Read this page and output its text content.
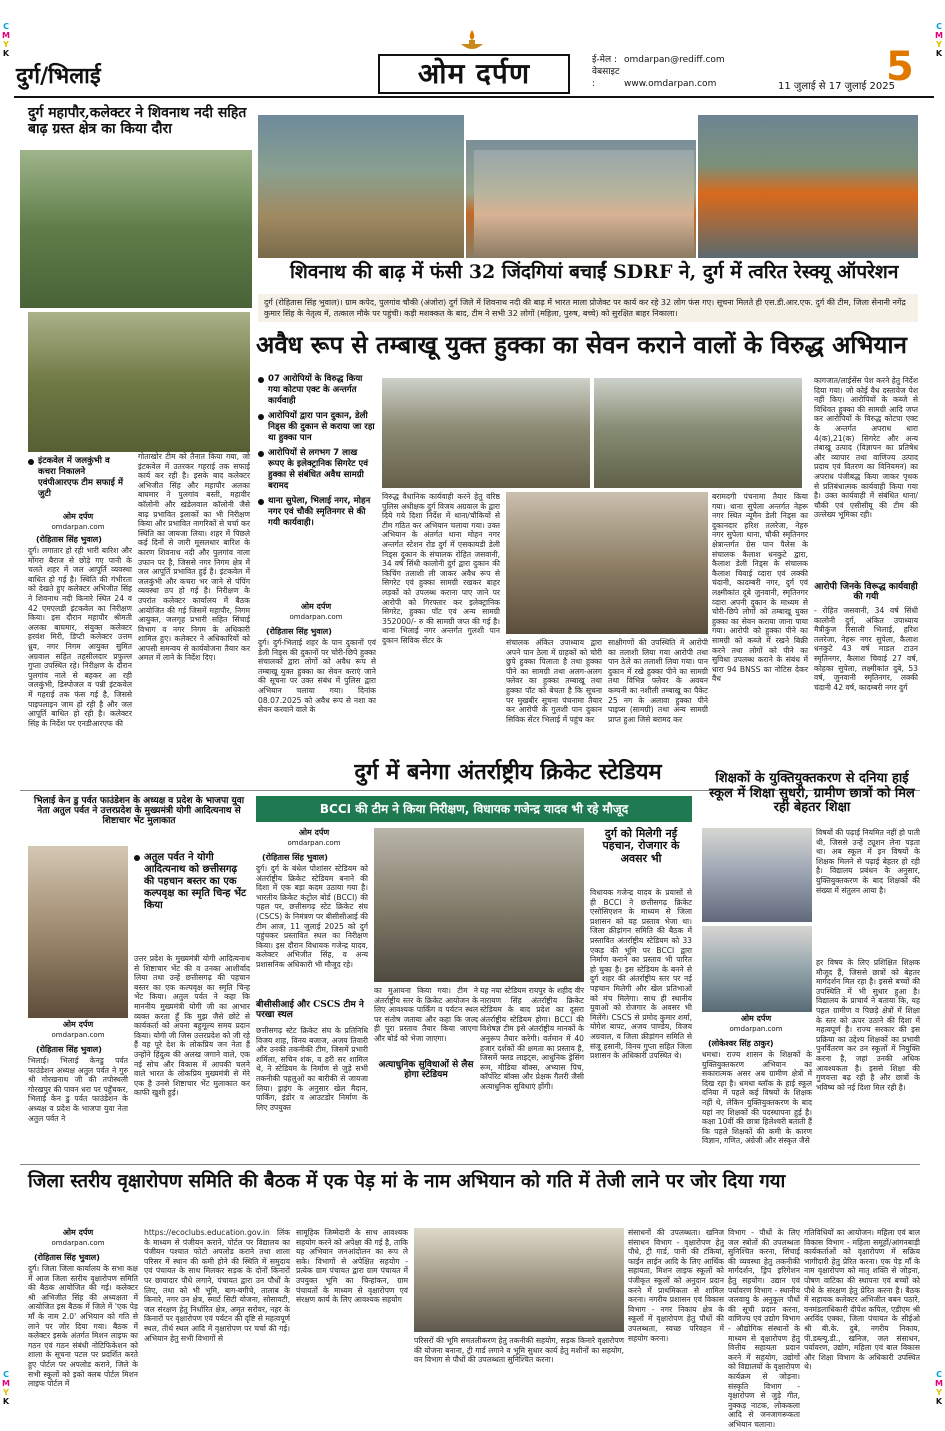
C
M
Y
K
C
M
Y
K
C
M
Y
K
C
M
Y
K
दुर्ग/भिलाई	ओम दर्पण	ई-मेल : omdarpan@rediff.com
वेबसाइट :	www.omdarpan.com	11 जुलाई से 17 जुलाई 2025
5
शिवनाथ की बाढ़ में फंसी 32 जिंदगियां बचाईं SDRF ने, दुर्ग में त्वरित रेस्क्यू ऑपरेशन
दुर्ग (रोहितास सिंह भुवाल)। ग्राम कपेद, पुलगांव चौकी (अंजोरा) दुर्ग जिले में शिवनाथ नदी की बाढ़ में भारत माला प्रोजेक्ट पर कार्य कर रहे 32 लोग फंस गए। सूचना मिलते ही एस.डी.आर.एफ. दुर्ग की टीम, जिला सेनानी नगेंद्र कुमार सिंह के नेतृत्व में, तत्काल मौके पर पहुंची। कड़ी मशक्कत के बाद, टीम ने सभी 32 लोगों (महिला, पुरुष, बच्चे) को सुरक्षित बाहर निकाला।
दुर्ग महापौर,कलेक्टर ने शिवनाथ नदी सहित बाढ़ ग्रस्त क्षेत्र का किया दौरा
इंटकवेल में जलकुंभी व कचरा निकालने एवंपीआरएफ टीम सफाई में जुटी
ओम दर्पण
omdarpan.com
(रोहितास सिंह भुवाल)
दुर्ग। लगातार हो रही भारी बारिश और मोंगरा बैराज से छोड़े गए पानी के चलते शहर में जल आपूर्ति व्यवस्था बाधित हो गई है। स्थिति की गंभीरता को देखते हुए कलेक्टर अभिजीत सिंह ने शिवनाथ नदी किनारे स्थित 24 व 42 एमएलडी इंटकवेल का निरीक्षण किया। इस दौरान महापौर श्रीमती अलका बाघमार, संयुक्त कलेक्टर हरवंश मिरी, डिप्टी कलेक्टर उत्तम ध्रुव, नगर निगम आयुक्त सुमित अग्रवाल सहित तहसीलदार प्रफुल्ल गुप्ता उपस्थित रहे। निरीक्षण के दौरान पुलगांव नाले से बहकर आ रही जलकुंभी, डिस्पोजल व पन्नी इंटकवेल में गहराई तक फंस गई है, जिससे पाइपलाइन जाम हो रही है और जल आपूर्ति बाधित हो रही है। कलेक्टर सिंह के निर्देश पर एनडीआरएफ की
गोताखोर टीम को तैनात किया गया, जो इंटकवेल में उतरकर गहराई तक सफाई कार्य कर रही है। इसके बाद कलेक्टर अभिजीत सिंह और महापौर अलका बाघमार ने पुलगांव बस्ती, महावीर कॉलोनी और खंडेलवाल कॉलोनी जैसे बाढ़ प्रभावित इलाकों का भी निरीक्षण किया और प्रभावित नागरिकों से चर्चा कर स्थिति का जायजा लिया। शहर में पिछले कई दिनों से जारी मूसलधार बारिश के कारण शिवनाथ नदी और पुलगांव नाला उफान पर है, जिससे नगर निगम क्षेत्र में जल आपूर्ति प्रभावित हुई है। इंटकवेल में जलकुंभी और कचरा भर जाने से पंपिंग व्यवस्था ठप हो गई है। निरीक्षण के उपरांत कलेक्टर कार्यालय में बैठक आयोजित की गई जिसमें महापौर, निगम आयुक्त, जलगृह प्रभारी सहित सिंचाई विभाग व नगर निगम के अधिकारी शामिल हुए। कलेक्टर ने अधिकारियों को आपसी समन्वय से कार्ययोजना तैयार कर अमल में लाने के निर्देश दिए।
अवैध रूप से तम्बाखू युक्त हुक्का का सेवन कराने वालों के विरुद्ध अभियान
07 आरोपियों के विरुद्ध किया गया कोटपा एक्ट के अन्तर्गत कार्यवाही
आरोपियों द्वारा पान दुकान, डेली निड्स की दुकान से कराया जा रहा था हुक्का पान
आरोपियों से लगभग 7 लाख रूपए के इलेक्ट्रानिक सिगरेट एवं हुक्का से संबंधित अवैध सामग्री बरामद
थाना सुपेला, भिलाई नगर, मोहन नगर एवं चौकी स्मृतिनगर से की गयी कार्यवाही।
ओम दर्पण
omdarpan.com
(रोहितास सिंह भुवाल)
दुर्ग। दुर्ग-भिलाई शहर के पान दुकानों एवं डेली निड्स की दुकानों पर चोरी-छिपे हुक्का संचालकों द्वारा लोगों को अवैध रूप से तम्बाखू युक्त हुक्का का सेवन कराएं जाने की सूचना पर उक्त संबंध में पुलिस द्वारा अभियान चलाया गया। दिनांक 08.07.2025 को अवैध रूप से नशा का सेवन करवाने वाले के
विरुद्ध वैधानिक कार्यवाही करने हेतु वरिष्ठ पुलिस अधीक्षक दुर्ग विजय अग्रवाल के द्वारा दिये गये दिशा निर्देश में थाना/चौकियों से टीम गठित कर अभियान चलाया गया। उक्त अभियान के अंतर्गत थाना मोहन नगर अन्तर्गत स्टेशन रोड दुर्ग में एसकायडी डेली निड्स दुकान के संचालक रोहित जसवानी, 34 वर्ष सिंधी कालोनी दुर्ग द्वारा दुकान की किचिंग तलाशी ली जाकर अवैध रूप से सिगरेट एवं हुक्का सामग्री रखकर बाहर लड़कों को उपलब्ध कराना पाए जाने पर आरोपी को गिरफ्तार कर इलेक्ट्रानिक सिगरेट, हुक्का पॉट एवं अन्य सामग्री 352000/- रु की सामग्री जप्त की गई है। थाना भिलाई नगर अन्तर्गत गुलशी पान दुकान सिविक सेंटर के	संचालक अंकित उपाध्याय द्वारा अपने पान ठेला में ग्राहकों को चोरी छुपे हुक्का पिलाता है तथा हुक्का पीने का सामग्री तथा अलग-अलग फ्लेवर का हुक्का तम्बाखू तथा हुक्का पॉट को बेचता है कि सूचना पर मुखबीर सूचना पंचनामा तैयार कर आरोपी के गुलशी पान दुकान सिविक सेंटर भिलाई में पहुंच कर
साक्षीगणों की उपस्थिति में आरोपी का तलाशी लिया गया आरोपी तथा पान ठेले का तलाशी लिया गया। पान दुकान में रखे हुक्का पीने का सामग्री तथा विभिन्न फ्लेवर के अवयन कम्पनी का नशीली तम्बाखू का पैकेट 25 नग के अलावा हुक्का पीने पाइप्स (सामग्री) तथा अन्य सामग्री प्राप्त हुआ जिसे बरामद कर
बरामदगी पंचनामा तैयार किया गया। थाना सुपेला अन्तर्गत नेहरू नगर स्थित न्यूमैन डेली निड्स का दुकानदार हरिश तलरेजा, नेहरु नगर सुपेला थाना, चौकी स्मृतिनगर क्षेत्रान्तर्गत ग्रेस पान पैलेस के संचालक कैलाश धनकुटे द्वारा, कैलाश डेली निड्स के संचालक कैलाश चिवाई व्दारा एवं लक्की चंदानी, कादम्बरी नगर, दुर्ग एवं लक्ष्मीकांत दूबे जुनवानी, स्मृतिनगर व्दारा अपनी दुकान के माध्यम से चोरी-छिपे लोगों को तम्बाखू युक्त हुक्का का सेवन कराया जाना पाया गया। आरोपी को हुक्का पीने का सामग्री को कब्जे में रखने बिक्री करने तथा लोगों को पीने का सुविधा उपलब्ध कराने के संबंध में धारा 94 BNSS का नोटिस देकर वैध
कागजात/लाईसेंस पेश करने हेतु निर्देश दिया गया। जो कोई वैध दस्तावेज पेश नहीं किए। आरोपियों के कब्जे से विधिवत हुक्का की सामग्री आदि जप्त कर आरोपियों के विरुद्ध कोटपा एक्ट के अन्तर्गत अपराध धारा 4(क),21(क) सिगरेट और अन्य तंबाखू उत्पाद (विज्ञापन का प्रतिषेध और व्यापार तथा वाणिज्य उत्पाद प्रदाय एवं वितरण का विनियमन) का अपराध पंजीबद्ध किया जाकर पृथक से प्रतिबंधात्मक कार्यवाही किया गया है। उक्त कार्यवाही में संबंधित थाना/चौकी एवं एसीसीयू की टीम की उल्लेख्य भूमिका रही।
आरोपी जिनके विरूद्ध कार्यवाही की गयी
- रोहित जसवानी, 34 वर्ष सिंधी कालोनी दुर्ग, अंकित उपाध्याय मैत्रीकुंज रिसाली भिलाई, हरिश तलरेजा, नेहरू नगर सुपेला, कैलाश धनकुटे 43 वर्ष माडल टाउन स्मृतिनगर, कैलाश चिवाई 27 वर्ष, कोहका सुपेला, लक्ष्मीकांत दुबे, 53 वर्ष, जुनवानी स्मृतिनगर, लक्की चंदानी 42 वर्ष, कादम्बरी नगर दुर्ग
भिलाई केन डु पर्वत फाउंडेशन के अध्यक्ष व प्रदेश के भाजपा युवा नेता अतुल पर्वत ने उत्तरप्रदेश के मुख्यमंत्री योगी आदित्यनाथ से शिष्टाचार भेंट मुलाकात
अतुल पर्वत ने योगी आदित्यनाथ को छत्तीसगढ़ की पहचान बस्तर का एक कल्पवृक्ष का स्मृति चिन्ह भेंट किया
उत्तर प्रदेश के मुख्यमंत्री योगी आदित्यनाथ से शिष्टाचार भेंट की व उनका आशीर्वाद लिया तथा उन्हें छत्तीसगढ़ की पहचान बस्तर का एक कल्पवृक्ष का स्मृति चिन्ह भेंट किया। अतुल पर्वत ने कहा कि माननीय मुख्यमंत्री योगी जी का आभार व्यक्त करता हूँ कि मुझ जैसे छोटे से कार्यकर्ता को अपना बहुमूल्य समय प्रदान किया। योगी जी जिस उत्तरप्रदेश को जी रहे हैं वह पूरे देश के लोकप्रिय जन नेता हैं उन्होंने हिंदुत्व की अलख जगाने वाले, एक नई सोच और विकास में आपकी चलने वाले भारत के लोकप्रिय मुख्यमंत्री से मेरे एक है उनसे शिष्टाचार भेंट मुलाकात कर काफी खुशी हुई।
ओम दर्पण
omdarpan.com
(रोहितास सिंह भुवाल)
भिलाई। भिलाई केनडु पर्वत फाउंडेशन अध्यक्ष अतुल पर्वत ने गुरु श्री गोरखनाथ जी की तपोस्थली गोरखपुर की पावन धरा पर पहुँचकर, भिलाई केन डु पर्वत फाउंडेशन के अध्यक्ष व प्रदेश के भाजपा युवा नेता अतुल पर्वत ने
दुर्ग में बनेगा अंतर्राष्ट्रीय क्रिकेट स्टेडियम
BCCI की टीम ने किया निरीक्षण, विधायक गजेन्द्र यादव भी रहे मौजूद
ओम दर्पण
omdarpan.com
(रोहितास सिंह भुवाल)
दुर्ग। दुर्ग के बंधेल पोशांसर स्टेडियम को अंतर्राष्ट्रीय क्रिकेट स्टेडियम बनाने की दिशा में एक बड़ा कदम उठाया गया है। भारतीय क्रिकेट कंट्रोल बोर्ड (BCCI) की पहल पर, छत्तीसगढ़ स्टेट क्रिकेट संघ (CSCS) के निमंत्रण पर बीसीसीआई की टीम आज, 11 जुलाई 2025 को दुर्ग पहुंचकर प्रस्तावित स्थल का निरीक्षण किया। इस दौरान विधायक गजेन्द्र यादव, कलेक्टर अभिजीत सिंह, व अन्य प्रशासनिक अधिकारी भी मौजूद रहे।
बीसीसीआई और CSCS टीम ने परखा स्थल
छत्तीसगढ़ स्टेट क्रिकेट संघ के प्रतिनिधि विजय शाह, विनय बजाज, अजय तिवारी और उनकी तकनीकी टीम, जिसमें प्रभारी शर्मिला, सचिन शंक, व हरी सर शामिल थे, ने स्टेडियम के निर्माण से जुड़े सभी तकनीकी पहलुओं का बारीकी से जायजा लिया। ड्राइंग के अनुसार खेल मैदान, पार्किंग, इंडोर व आउटडोर निर्माण के लिए उपयुक्त
का मुआयना किया गया। टीम ने अंतर्राष्ट्रीय स्तर के क्रिकेट आयोजन के लिए आवश्यक पार्किंग व पर्यटन स्थल पर संतोष जताया और कहा कि जल्द ही पूरा प्रस्ताव तैयार किया जाएगा और बोर्ड को भेजा जाएगा।
अत्याधुनिक सुविधाओं से लैस होगा स्टेडियम
यह नया स्टेडियम रायपुर के शहीद वीर नारायण सिंह अंतर्राष्ट्रीय क्रिकेट स्टेडियम के बाद प्रदेश का दूसरा अंतर्राष्ट्रीय स्टेडियम होगा। BCCI की विशेषज्ञ टीम इसे अंतर्राष्ट्रीय मानकों के अनुरूप तैयार करेगी। वर्तमान में 40 हजार दर्शकों की क्षमता का प्रस्ताव है, जिसमें फ्लड लाइट्स, आधुनिक ड्रेसिंग रूम, मीडिया बॉक्स, अभ्यास पिच, कॉर्पोरेट बॉक्स और प्रेक्षक गैलरी जैसी अत्याधुनिक सुविधाएं होंगी।
दुर्ग को मिलेगी नई पहचान, रोजगार के अवसर भी
विधायक गजेन्द्र यादव के प्रयासों से ही BCCI ने छत्तीसगढ़ क्रिकेट एसोसिएशन के माध्यम से जिला प्रशासन को यह प्रस्ताव भेजा था। जिला क्रीड़ांगन समिति की बैठक में प्रस्तावित अंतर्राष्ट्रीय स्टेडियम को 33 एकड़ की भूमि पर BCCI द्वारा निर्माण कराने का प्रस्ताव भी पारित हो चुका है। इस स्टेडियम के बनने से दुर्ग शहर की अंतर्राष्ट्रीय स्तर पर नई पहचान मिलेगी और खेल प्रतिभाओं को मंच मिलेगा। साथ ही स्थानीय युवाओं को रोजगार के अवसर भी मिलेंगे। CSCS से प्रमोद कुमार शर्मा, योगेश बापट, अजय पाण्डेय, विजय अग्रवाल, व जिला क्रीड़ांगन समिति से संजू हसानी, विनय गुप्ता सहित जिला प्रशासन के अधिकारी उपस्थित थे।
शिक्षकों के युक्तियुक्तकरण से दनिया हाई स्कूल में शिक्षा सुधरी, ग्रामीण छात्रों को मिल रही बेहतर शिक्षा
विषयों की पढ़ाई नियमित नहीं हो पाती थी, जिससे उन्हें ट्यूशन लेना पड़ता था। अब स्कूल में इन विषयों के शिक्षक मिलने से पढ़ाई बेहतर हो रही है। विद्यालय प्रबंधन के अनुसार, युक्तियुक्तकरण के बाद शिक्षकों की संख्या में संतुलन आया है।
ओम दर्पण
omdarpan.com
(लोकेश्वर सिंह ठाकुर)
धमधा। राज्य शासन के शिक्षकों के युक्तियुक्तकरण अभियान का सकारात्मक असर अब ग्रामीण क्षेत्रों में दिख रहा है। धमधा ब्लॉक के हाई स्कूल दनिया में पहले कई विषयों के शिक्षक नहीं थे, लेकिन युक्तियुक्तकरण के बाद यहां नए शिक्षकों की पदस्थापना हुई है। कक्षा 10वीं की छात्रा हिलेश्वरी बताती हैं कि पहले शिक्षकों की कमी के कारण विज्ञान, गणित, अंग्रेजी और संस्कृत जैसे
हर विषय के लिए प्रशिक्षित शिक्षक मौजूद हैं, जिससे छात्रों को बेहतर मार्गदर्शन मिल रहा है। इससे बच्चों की उपस्थिति में भी सुधार हुआ है। विद्यालय के प्राचार्य ने बताया कि, यह पहल ग्रामीण व पिछड़े क्षेत्रों में शिक्षा के स्तर को ऊपर उठाने की दिशा में महत्वपूर्ण है। राज्य सरकार की इस प्रक्रिया का उद्देश्य शिक्षकों का प्रभावी पुनर्वितरण कर उन स्कूलों में नियुक्ति करना है, जहां उनकी अधिक आवश्यकता है। इससे शिक्षा की गुणवत्ता बढ़ रही है और छात्रों के भविष्य को नई दिशा मिल रही है।
जिला स्तरीय वृक्षारोपण समिति की बैठक में एक पेड़ मां के नाम अभियान को गति में तेजी लाने पर जोर दिया गया
ओम दर्पण
omdarpan.com
(रोहितास सिंह भुवाल)
दुर्ग। जिला जिला कार्यालय के सभा कक्ष में आज जिला स्तरीय वृक्षारोपण समिति की बैठक आयोजित की गई। कलेक्टर श्री अभिजीत सिंह की अध्यक्षता में आयोजित इस बैठक में जिले में 'एक पेड़ माँ के नाम 2.0' अभियान को गति से लाने पर जोर दिया गया। बैठक में कलेक्टर इसके अंतर्गत मिशन लाइफ का गठन एवं गठन संबंधी नोटिफिकेशन को शाला के सूचना पटल पर प्रदर्शित करते हुए पोर्टल पर अपलोड कराने, जिले के सभी स्कूलों को इको क्लब पोर्टल मिशन लाइफ पोर्टल में
https://ecoclubs.education.gov.in लिंक के माध्यम से पंजीयन कराने, पोर्टल पर विद्यालय का पंजीयन पश्चात फोटो अपलोड कराने तथा शाला परिसर में स्थान की कमी होने की स्थिति में समुदाय एवं पंचायत के साथ मिलकर सड़क के दोनों किनारों पर छायादार पौधे लगाने, पंचायत द्वारा उन पौधों के लिए, तथा को भी भूमि, बाग-बगीचे, तालाब के किनारे, नगर उन क्षेत्र, स्मार्ट सिटी योजना, सोसायटी, जल संरक्षण हेतु निर्धारित क्षेत्र, अमृत सरोवर, नहर के किनारों पर वृक्षारोपण एवं पर्यटन की दृष्टि से महत्वपूर्ण स्थल, तीर्थ स्थल आदि में वृक्षारोपण पर चर्चा की गई। अभियान हेतु सभी विभागों से
सामूहिक जिम्मेदारी के साथ आवश्यक सहयोग करने को अपेक्षा की गई है, ताकि यह अभियान जनआंदोलन का रूप ले सके। विभागों से अपेक्षित सहयोग - प्रत्येक ग्राम पंचायत द्वारा ग्राम पंचायत में उपयुक्त भूमि का चिन्हांकन, ग्राम पंचायतों के माध्यम से वृक्षारोपण एवं संरक्षण कार्य के लिए आवश्यक सहयोग
परिसरों की भूमि समतलीकरण हेतु तकनीकी सहयोग, सड़क किनारे वृक्षारोपण की योजना बनाना, ट्री गार्ड लगाने व भूमि सुधार कार्य हेतु मशीनों का सहयोग, वन विभाग से पौधों की उपलब्धता सुनिश्चित करना।
संसाधनों की उपलब्धता। खनिज संसाधन विभाग - वृक्षारोपण हेतु पौधे, ट्री गार्ड, पानी की टंकियां, फाईन लाईन आदि के लिए आर्थिक सहायता, मिशन लाइफ स्कूलों को पंजीकृत स्कूलों को अनुदान प्रदान करने में प्राथमिकता से शामिल करना। नगरीय प्रशासन एवं विकास विभाग - नगर निकाय क्षेत्र के स्कूलों में वृक्षारोपण हेतु पौधों की उपलब्धता, स्वच्छ परिवहन में सहयोग करना।
विभाग - पौधों के लिए जल स्त्रोतों की उपलब्धता सुनिश्चित करना, सिंचाई की व्यवस्था हेतु तकनीकी मार्गदर्शन, ड्रिप इरिगेशन हेतु सहयोग। उद्यान एवं पर्यावरण विभाग - स्थानीय जलवायु के अनुकूल पौधों की सूची प्रदान करना, वाणिज्य एवं उद्योग विभाग - औद्योगिक संस्थानों के माध्यम से वृक्षारोपण हेतु वित्तीय सहायता प्रदान करने में सहयोग, उद्योगों को विद्यालयों के वृक्षारोपण कार्यक्रम से जोड़ना। संस्कृति विभाग - वृक्षारोपण से जुड़े गीत, नुक्कड़ नाटक, लोककला आदि से जनजागरूकता अभियान चलाना।
गतिविधियों का आयोजन। महिला एवं बाल विकास विभाग - महिला समूहों/आंगनबाड़ी कार्यकर्ताओं को वृक्षारोपण में सक्रिय भागीदारी हेतु प्रेरित करना। एक पेड़ माँ के नाम वृक्षारोपण को मातृ शक्ति से जोड़ना, पोषण वाटिका की स्थापना एवं बच्चों को पौधे के संरक्षण हेतु प्रेरित करना है। बैठक में सहायक कलेक्टर अभिजीत बबन पठारे, वनमंडलाधिकारी दीपेश कपिल, एडीएम श्री अरविंद एक्का, जिला पंचायत के सीईओ श्री बी.के. दुबे, नगरीय निकाय, पी.डब्ल्यू.डी., खनिज, जल संसाधन, पर्यावरण, उद्योग, महिला एवं बाल विकास और शिक्षा विभाग के अधिकारी उपस्थित थे।
